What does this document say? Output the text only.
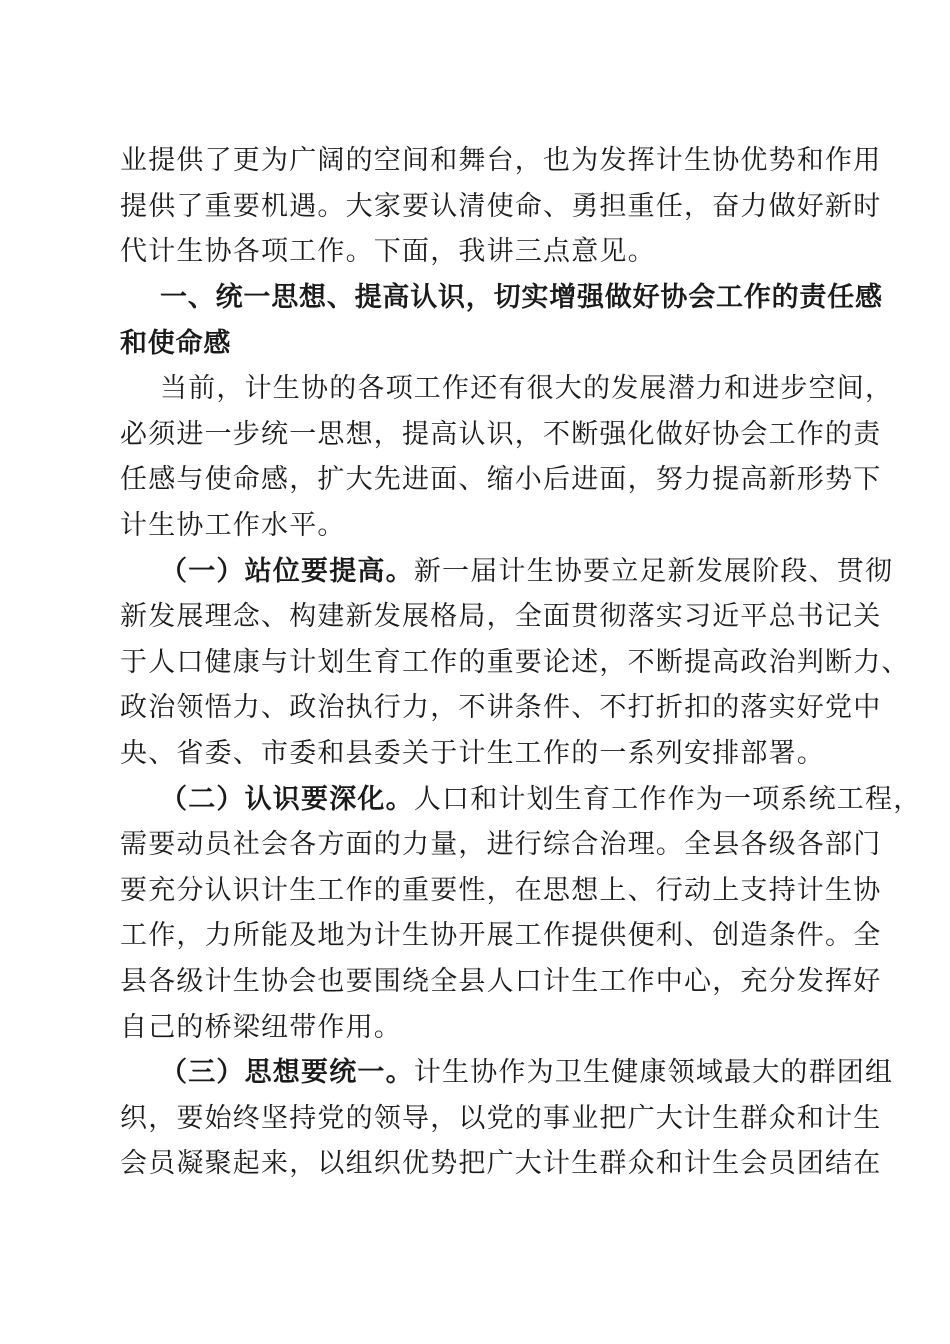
业提供了更为广阔的空间和舞台，也为发挥计生协优势和作用
提供了重要机遇。大家要认清使命、勇担重任，奋力做好新时
代计生协各项工作。下面，我讲三点意见。
一、统一思想、提高认识，切实增强做好协会工作的责任感
和使命感
当前，计生协的各项工作还有很大的发展潜力和进步空间，
必须进一步统一思想，提高认识，不断强化做好协会工作的责
任感与使命感，扩大先进面、缩小后进面，努力提高新形势下
计生协工作水平。
（一）站位要提高。新一届计生协要立足新发展阶段、贯彻
新发展理念、构建新发展格局，全面贯彻落实习近平总书记关
于人口健康与计划生育工作的重要论述，不断提高政治判断力、
政治领悟力、政治执行力，不讲条件、不打折扣的落实好党中
央、省委、市委和县委关于计生工作的一系列安排部署。
（二）认识要深化。人口和计划生育工作作为一项系统工程，
需要动员社会各方面的力量，进行综合治理。全县各级各部门
要充分认识计生工作的重要性，在思想上、行动上支持计生协
工作，力所能及地为计生协开展工作提供便利、创造条件。全
县各级计生协会也要围绕全县人口计生工作中心，充分发挥好
自己的桥梁纽带作用。
（三）思想要统一。计生协作为卫生健康领域最大的群团组
织，要始终坚持党的领导，以党的事业把广大计生群众和计生
会员凝聚起来，以组织优势把广大计生群众和计生会员团结在
